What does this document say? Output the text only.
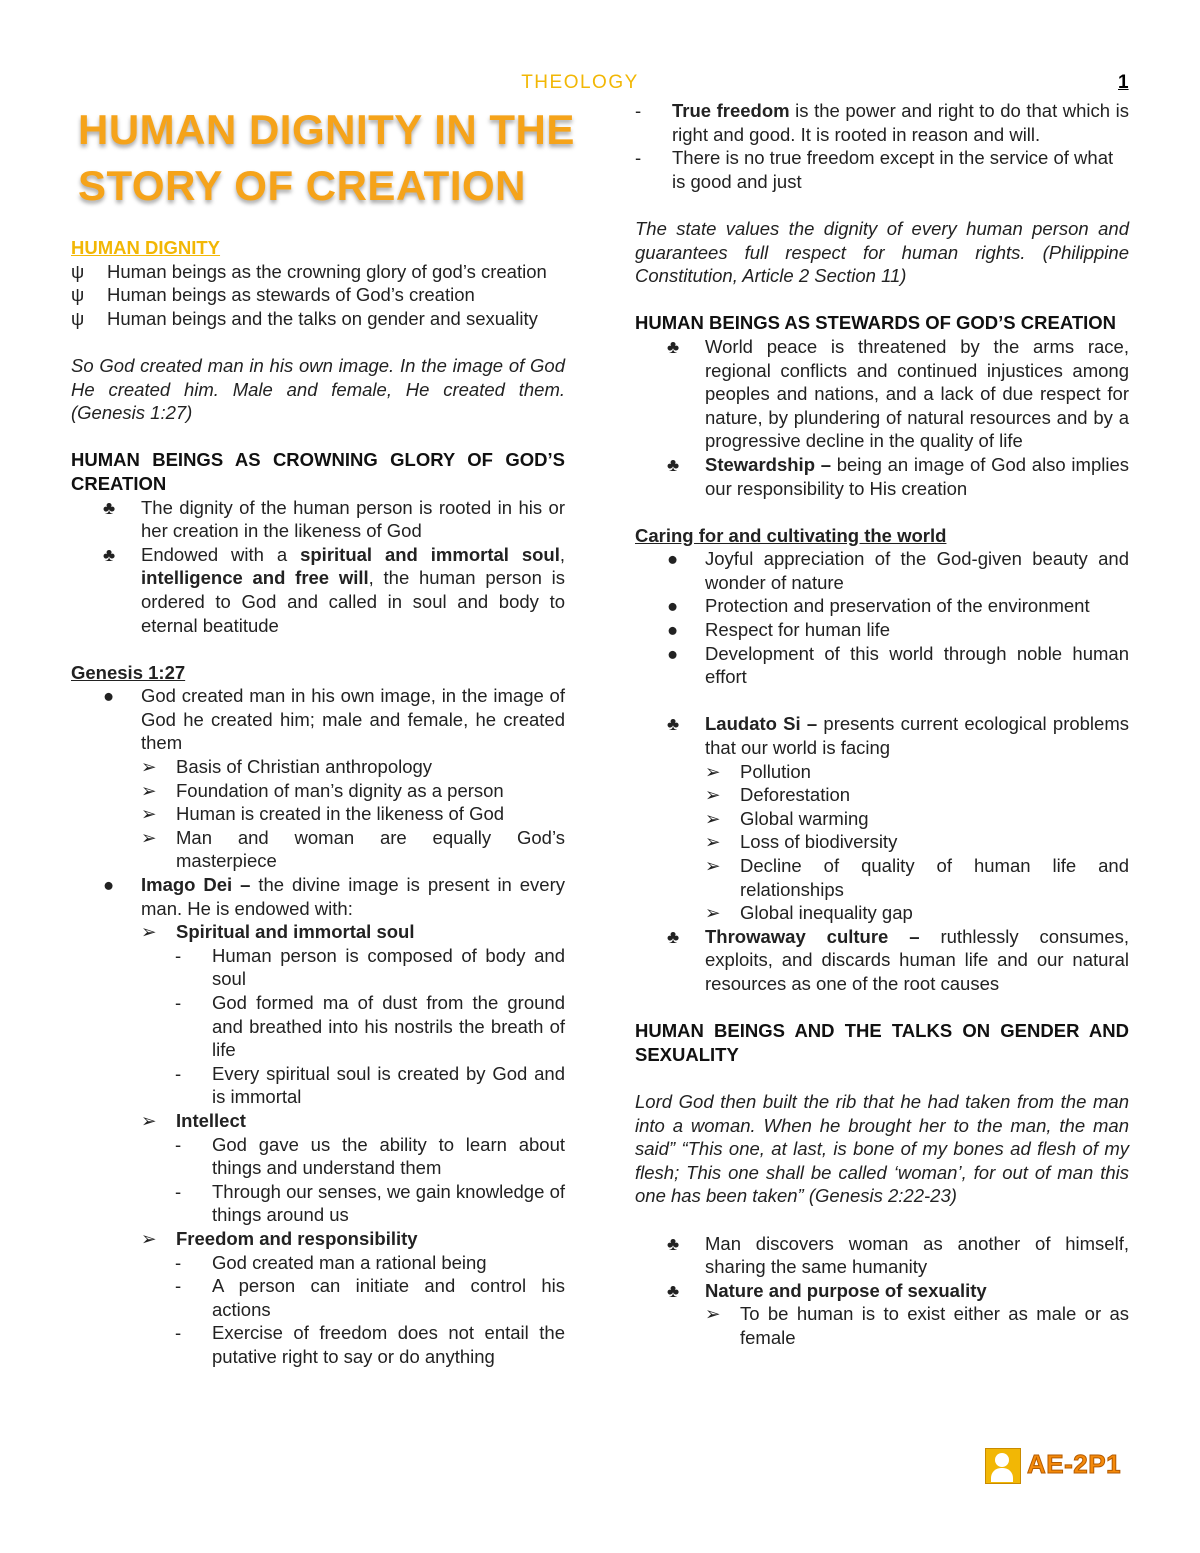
THEOLOGY	1
HUMAN DIGNITY IN THE
STORY OF CREATION

HUMAN DIGNITY

ψ	Human beings as the crowning glory of god’s creation
ψ	Human beings as stewards of God’s creation
ψ	Human beings and the talks on gender and sexuality

So God created man in his own image. In the image of God He created him. Male and female, He created them. (Genesis 1:27)

HUMAN BEINGS AS CROWNING GLORY OF GOD’S CREATION

♣	The dignity of the human person is rooted in his or her creation in the likeness of God
♣	Endowed with a spiritual and immortal soul, intelligence and free will, the human person is ordered to God and called in soul and body to eternal beatitude

Genesis 1:27

●	God created man in his own image, in the image of God he created him; male and female, he created them
➢	Basis of Christian anthropology
➢	Foundation of man’s dignity as a person
➢	Human is created in the likeness of God
➢	Man and woman are equally God’s masterpiece
●	Imago Dei – the divine image is present in every man. He is endowed with:
➢	Spiritual and immortal soul
-	Human person is composed of body and soul
-	God formed ma of dust from the ground and breathed into his nostrils the breath of life
-	Every spiritual soul is created by God and is immortal
➢	Intellect
-	God gave us the ability to learn about things and understand them
-	Through our senses, we gain knowledge of things around us
➢	Freedom and responsibility
-	God created man a rational being
-	A person can initiate and control his actions
-	Exercise of freedom does not entail the putative right to say or do anything
-	True freedom is the power and right to do that which is right and good. It is rooted in reason and will.
-	There is no true freedom except in the service of what is good and just

The state values the dignity of every human person and guarantees full respect for human rights. (Philippine Constitution, Article 2 Section 11)

HUMAN BEINGS AS STEWARDS OF GOD’S CREATION

♣	World peace is threatened by the arms race, regional conflicts and continued injustices among peoples and nations, and a lack of due respect for nature, by plundering of natural resources and by a progressive decline in the quality of life
♣	Stewardship – being an image of God also implies our responsibility to His creation

Caring for and cultivating the world

●	Joyful appreciation of the God-given beauty and wonder of nature
●	Protection and preservation of the environment
●	Respect for human life
●	Development of this world through noble human effort
♣	Laudato Si – presents current ecological problems that our world is facing
➢	Pollution
➢	Deforestation
➢	Global warming
➢	Loss of biodiversity
➢	Decline of quality of human life and relationships
➢	Global inequality gap
♣	Throwaway culture – ruthlessly consumes, exploits, and discards human life and our natural resources as one of the root causes

HUMAN BEINGS AND THE TALKS ON GENDER AND SEXUALITY

Lord God then built the rib that he had taken from the man into a woman. When he brought her to the man, the man said” “This one, at last, is bone of my bones ad flesh of my flesh; This one shall be called ‘woman’, for out of man this one has been taken” (Genesis 2:22-23)

♣	Man discovers woman as another of himself, sharing the same humanity
♣	Nature and purpose of sexuality
➢	To be human is to exist either as male or as female
AE-2P1
